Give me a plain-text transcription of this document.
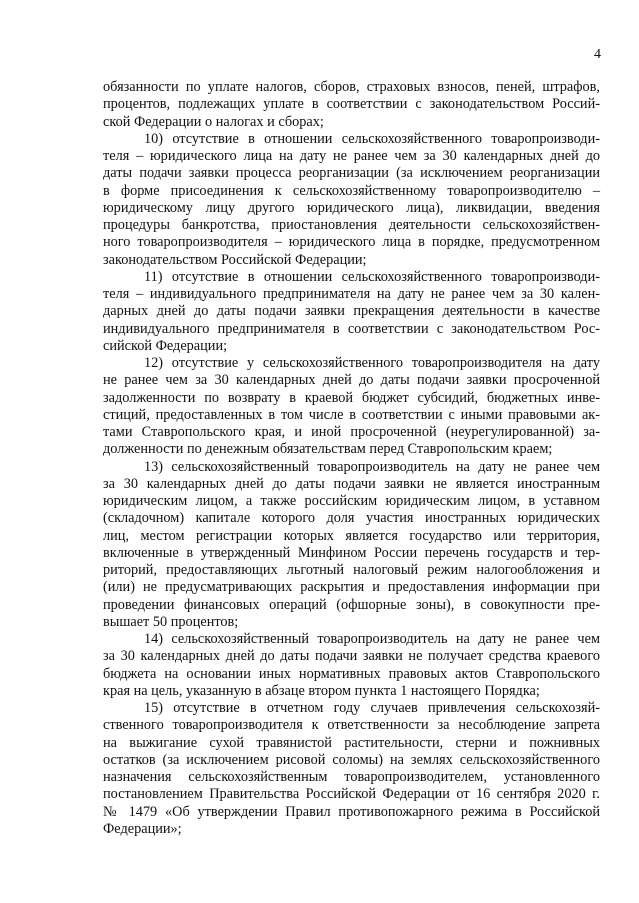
4
обязанности по уплате налогов, сборов, страховых взносов, пеней, штрафов,
процентов, подлежащих уплате в соответствии с законодательством Россий-
ской Федерации о налогах и сборах;
10) отсутствие в отношении сельскохозяйственного товаропроизводи-
теля – юридического лица на дату не ранее чем за 30 календарных дней до
даты подачи заявки процесса реорганизации (за исключением реорганизации
в форме присоединения к сельскохозяйственному товаропроизводителю –
юридическому лицу другого юридического лица), ликвидации, введения
процедуры банкротства, приостановления деятельности сельскохозяйствен-
ного товаропроизводителя – юридического лица в порядке, предусмотренном
законодательством Российской Федерации;
11) отсутствие в отношении сельскохозяйственного товаропроизводи-
теля – индивидуального предпринимателя на дату не ранее чем за 30 кален-
дарных дней до даты подачи заявки прекращения деятельности в качестве
индивидуального предпринимателя в соответствии с законодательством Рос-
сийской Федерации;
12) отсутствие у сельскохозяйственного товаропроизводителя на дату
не ранее чем за 30 календарных дней до даты подачи заявки просроченной
задолженности по возврату в краевой бюджет субсидий, бюджетных инве-
стиций, предоставленных в том числе в соответствии с иными правовыми ак-
тами Ставропольского края, и иной просроченной (неурегулированной) за-
долженности по денежным обязательствам перед Ставропольским краем;
13) сельскохозяйственный товаропроизводитель на дату не ранее чем
за 30 календарных дней до даты подачи заявки не является иностранным
юридическим лицом, а также российским юридическим лицом, в уставном
(складочном) капитале которого доля участия иностранных юридических
лиц, местом регистрации которых является государство или территория,
включенные в утвержденный Минфином России перечень государств и тер-
риторий, предоставляющих льготный налоговый режим налогообложения и
(или) не предусматривающих раскрытия и предоставления информации при
проведении финансовых операций (офшорные зоны), в совокупности пре-
вышает 50 процентов;
14) сельскохозяйственный товаропроизводитель на дату не ранее чем
за 30 календарных дней до даты подачи заявки не получает средства краевого
бюджета на основании иных нормативных правовых актов Ставропольского
края на цель, указанную в абзаце втором пункта 1 настоящего Порядка;
15) отсутствие в отчетном году случаев привлечения сельскохозяй-
ственного товаропроизводителя к ответственности за несоблюдение запрета
на выжигание сухой травянистой растительности, стерни и пожнивных
остатков (за исключением рисовой соломы) на землях сельскохозяйственного
назначения сельскохозяйственным товаропроизводителем, установленного
постановлением Правительства Российской Федерации от 16 сентября 2020 г.
№ 1479 «Об утверждении Правил противопожарного режима в Российской
Федерации»;
